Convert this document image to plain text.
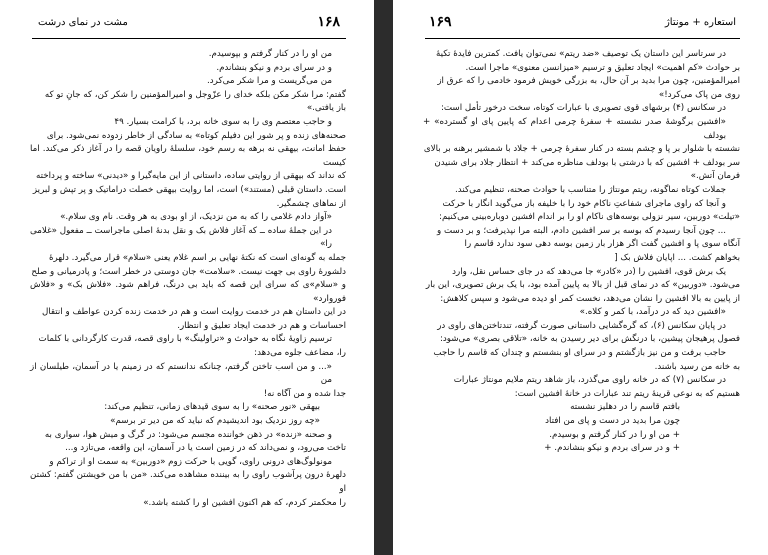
۱۶۸
مشت در نمای درشت

من او را در کنار گرفتم و بپوسیدم.

و در سرای بردم و نیکو بنشاندم.

من می‌گریست و مرا شکر می‌کرد.

گفتم: مرا شکر مکن بلکه خدای را عزّوجل و امیرالمؤمنین را شکر کن، که جانِ تو که

باز یافتی.»

و حاجب معتصم وی را به سوی خانه برد، با کرامت بسیار. ۴۹

صحنه‌های زنده و پر شور این دفیلم کوتاه» به سادگی از خاطر زدوده نمی‌شود. برای

حفظ امانت، بیهقی نه برهه به رسم خود، سلسلهٔ راویان قصه را در آغاز ذکر می‌کند. اما کیست

که نداند که بیهقی از روایتی ساده، داستانی از این مایه‌گیرا و «دیدنی» ساخته و پرداخته

است. داستان قبلی (مستند») است، اما روایت بیهقی خصلت دراماتیک و پر تپش و لبریز

از نماهای چشمگیر.

«آواز دادم غلامی را که به من نزدیک، از او بودی به هر وقت. نام وی سلام.»

در این جملهٔ ساده ــ که آغاز فلاش بک و نقل بدنهٔ اصلی ماجراست ــ مفعول «غلامی را»

جمله به گونه‌ای است که نکتهٔ نهایی بر اسم غلام یعنی «سلام» قرار می‌گیرد. دلهرهٔ

دلشورهٔ راوی بی جهت نیست. «سلامت» جان دوستی در خطر است؛ و پادرمیانی و صلح

و «سلام»ی که سرای این قصه که باید بی درنگ، فراهم شود. «فلاش بک» و «فلاش فوروارد»

در این داستان هم در خدمت روایت است و هم در خدمت زنده کردن عواطف و انتقال

احساسات و هم در خدمت ایجاد تعلیق و انتظار.

ترسیم زاویهٔ نگاه به حوادث و «تراولینگ» با راوی قصه، قدرت کارگردانی با کلمات

را، مضاعف جلوه می‌دهد:

«... و من اسب تاختن گرفتم، چنانکه ندانستم که در زمینم یا در آسمان، طیلسان از من

جدا شده و من آگاه نه!

بیهقی «نور صحنه» را به سوی قیدهای زمانی، تنظیم می‌کند:

«چه روز نزدیک بود اندیشیدم که نباید که من دیر تر برسم»

و صحنه «زنده» در ذهن خواننده مجسم می‌شود: در گرگ و میش هوا، سواری به

تاخت می‌رود، و نمی‌داند که در زمین است یا در آسمان، این واقعه، می‌تازد و...

مونولوگ‌های درونی راوی، گویی با حرکت زوم «دوربین» به سمت او از تراکم و

دلهرهٔ درون پرآشوب راوی را به بیننده مشاهده می‌کند. «من با من خویشتن گفتم: کشتن او

را محکمتر کردم، که هم اکنون افشین او را کشته باشد.»

۱۶۹	استعاره + مونتاژ

در سرتاسر این داستان یک توصیف «ضد ریتم» نمی‌توان یافت. کمترین فایدهٔ تکیهٔ

بر حوادث «کم اهمیت» ایجاد تعلیق و ترسیم «میزانسن معنوی» ماجرا است.

امیرالمؤمنین، چون مرا بدید بر آن حال، به بزرگی خویش فرمود خادمی را که عرق از

روی من پاک می‌کرد!»

در سکانس (۴) برشهای قوی تصویری با عبارات کوتاه، سخت درخور تأمل است:

«افشین برگوشهٔ صدر نشسته + سفرهٔ چرمی اعدام که پایین پای او گسترده» + بودلف

نشسته با شلوار بر پا و چشم بسته در کنار سفرهٔ چرمی + جلاد با شمشیر برهنه بر بالای

سر بودلف + افشین که با درشتی با بودلف مناظره می‌کند + انتظار جلاد برای شنیدن

فرمان آتش.»

جملات کوتاه نماگونه، ریتم مونتاژ را متناسب با حوادث صحنه، تنظیم می‌کند.

و آنجا که راوی ماجرای شفاعتِ ناکام خود را با خلیفه باز می‌گوید انگار با حرکت

«تیلت» دوربین، سیر نزولی بوسه‌های ناکام او را بر اندام افشین دوباره‌بینی می‌کنیم:

... چون آنجا رسیدم که بوسه بر سر افشین دادم، البته مرا نپذیرفت؛ و بر دست و

آنگاه سوی پا و افشین گفت اگر هزار بار زمین بوسه دهی سود ندارد قاسم را

بخواهم کشت. ... اپایان فلاش بک [

یک برش قوی، افشین را (در «کادر» جا می‌دهد که در جای حساس نقل، وارد

می‌شود. «دوربین» که در نمای قبل از بالا به پایین آمده بود، با یک برش تصویری، این بار

از پایین به بالا افشین را نشان می‌دهد، نخست کمر او دیده می‌شود و سپس کلاهش:

«افشین دید که در درآمد، با کمر و کلاه.»

در پایان سکانس (۶)، که گره‌گشایی داستانی صورت گرفته، تندتاختن‌های راوی در

فصول پرهیجان پیشین، با درنگش برای دیر رسیدن به خانه، «تلاقی بصری» می‌شود:

حاجب برفت و من نیز بازگشتم و در سرای او بنشستم و چندان که قاسم را حاجب

به خانه من رسید باشند.

در سکانس (۷) که در خانه راوی می‌گذرد، باز شاهد ریتم ملایم مونتاژ عبارات

هستیم که به نوعی قرینهٔ ریتم تند عبارات در خانهٔ افشین است:

بافتم قاسم را در دهلیز نشسته

چون مرا بدید در دست و پای من افتاد

+ من او را در کنار گرفتم و بوسیدم.

+ و در سرای بردم و نیکو بنشاندم. +
